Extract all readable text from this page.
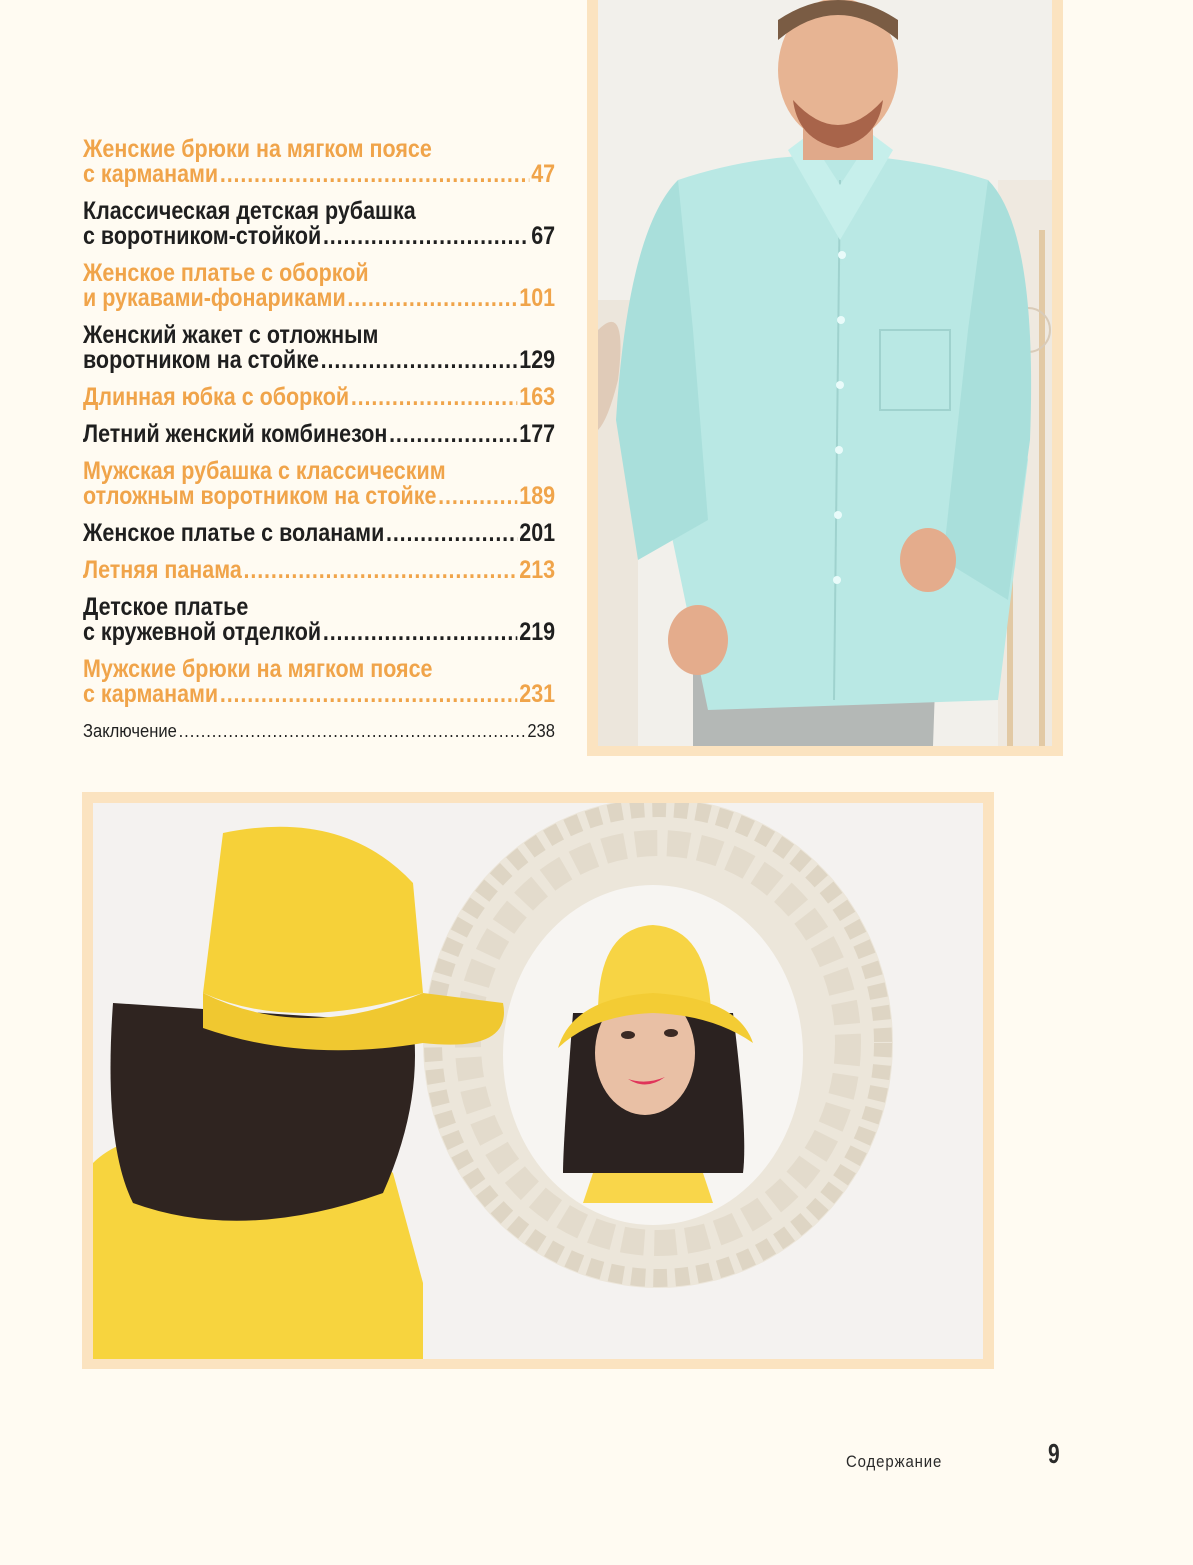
Женские брюки на мягком поясе
с карманами .....	47
Классическая детская рубашка
с воротником-стойкой .....	67
Женское платье с оборкой
и рукавами-фонариками .....	101
Женский жакет с отложным
воротником на стойке .....	129
Длинная юбка с оборкой .....	163
Летний женский комбинезон .....	177
Мужская рубашка с классическим
отложным воротником на стойке .....	189
Женское платье с воланами .....	201
Летняя панама .....	213
Детское платье
с кружевной отделкой .....	219
Мужские брюки на мягком поясе
с карманами .....	231
Заключение .....	238
Содержание	9
